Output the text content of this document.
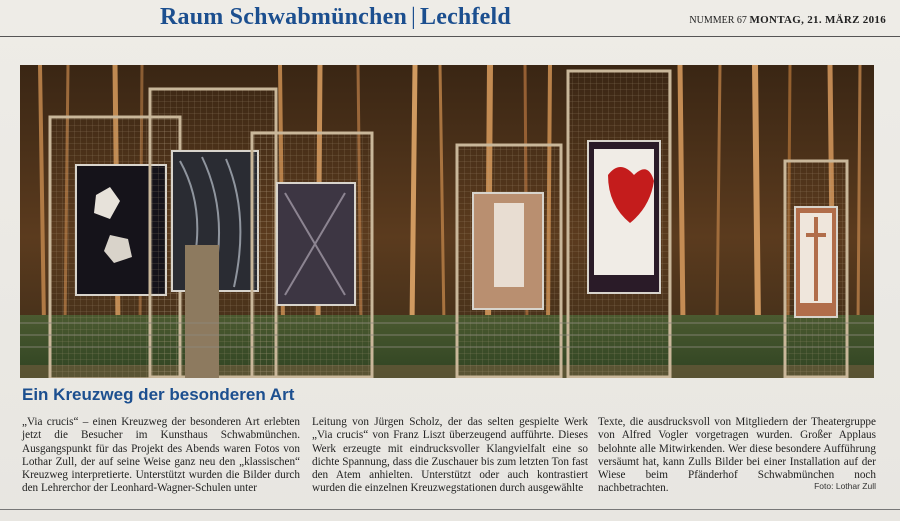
Raum Schwabmünchen | Lechfeld	NUMMER 67 MONTAG, 21. MÄRZ 2016
Ein Kreuzweg der besonderen Art

„Via crucis“ – einen Kreuzweg der besonderen Art erlebten jetzt die Besucher im Kunsthaus Schwabmünchen. Ausgangspunkt für das Projekt des Abends waren Fotos von Lothar Zull, der auf seine Weise ganz neu den „klassischen“ Kreuzweg interpretierte. Unterstützt wurden die Bilder durch den Lehrerchor der Leonhard-Wagner-Schulen unter

Leitung von Jürgen Scholz, der das selten gespielte Werk „Via crucis“ von Franz Liszt überzeugend aufführte. Dieses Werk erzeugte mit eindrucksvoller Klangvielfalt eine so dichte Spannung, dass die Zuschauer bis zum letzten Ton fast den Atem anhielten. Unterstützt oder auch kontrastiert wurden die einzelnen Kreuzwegstationen durch ausgewählte

Texte, die ausdrucksvoll von Mitgliedern der Theatergruppe von Alfred Vogler vorgetragen wurden. Großer Applaus belohnte alle Mitwirkenden. Wer diese besondere Aufführung versäumt hat, kann Zulls Bilder bei einer Installation auf der Wiese beim Pfänderhof Schwabmünchen noch nachbetrachten.	Foto: Lothar Zull
